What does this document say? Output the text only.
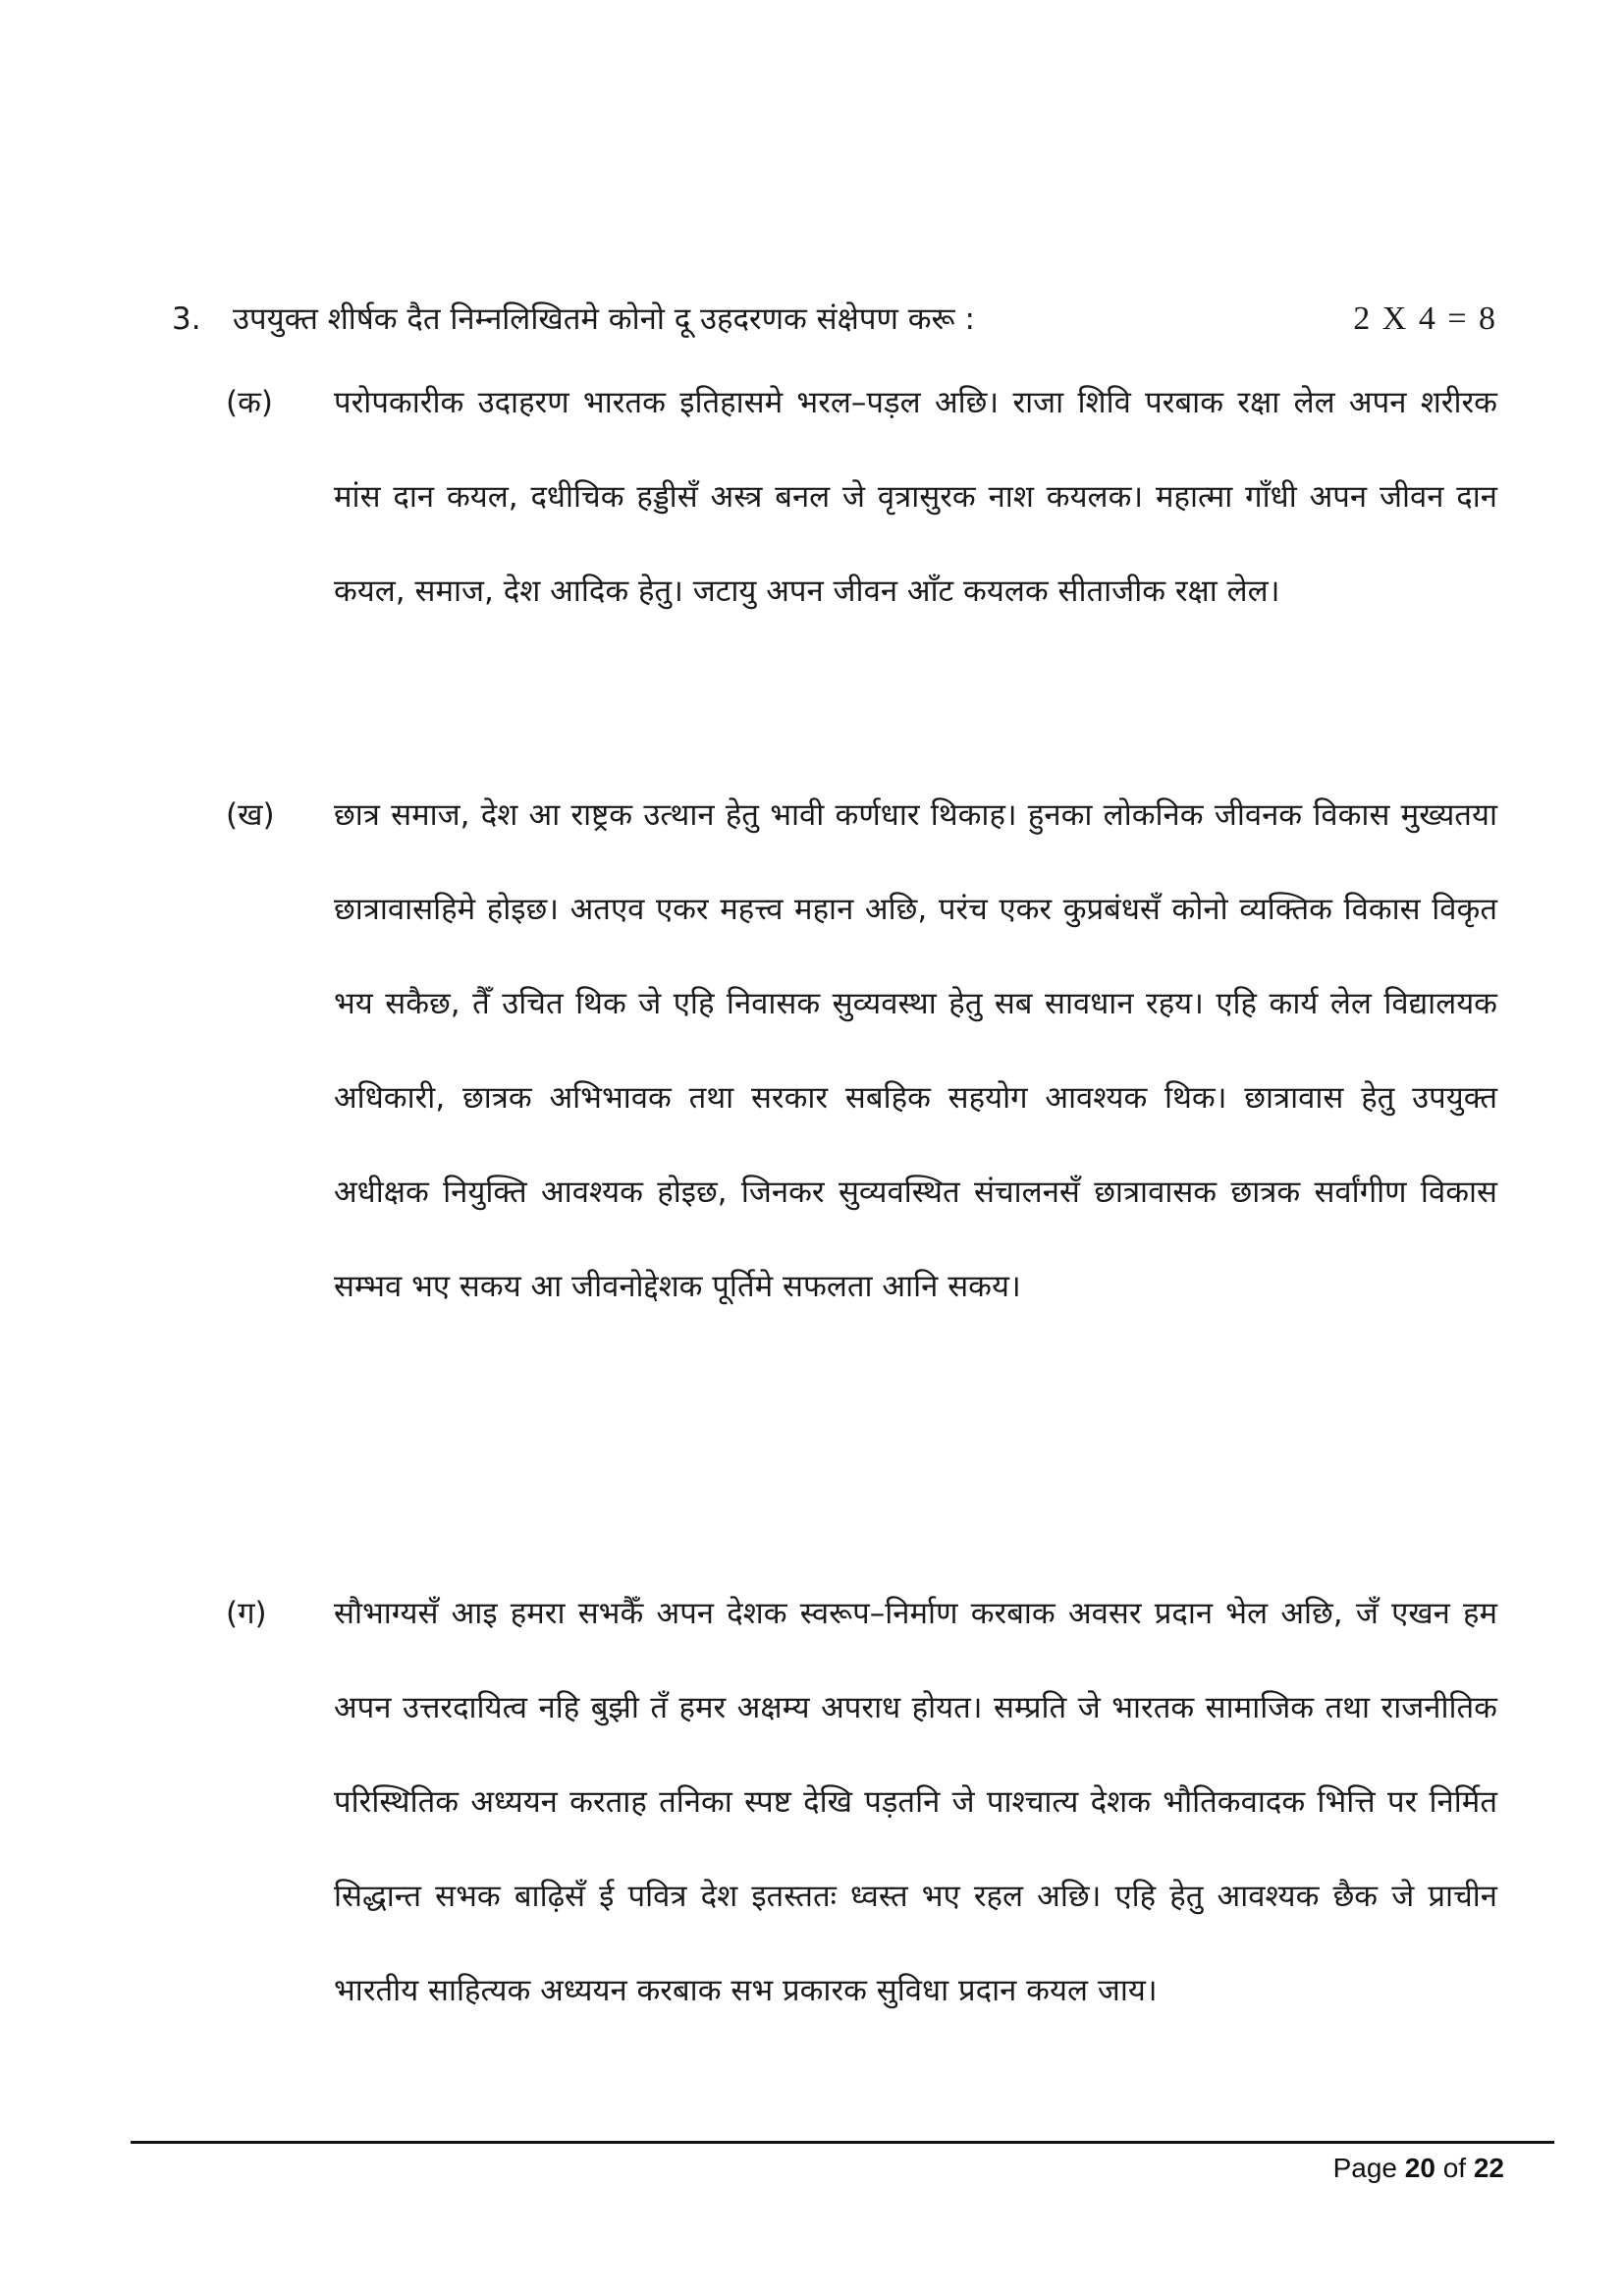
3. उपयुक्त शीर्षक दैत निम्नलिखितमे कोनो दू उहदरणक संक्षेपण करू :	2 X 4 = 8
(क) परोपकारीक उदाहरण भारतक इतिहासमे भरल–पड़ल अछि। राजा शिवि परबाक रक्षा लेल अपन शरीरक मांस दान कयल, दधीचिक हड्डीसँ अस्त्र बनल जे वृत्रासुरक नाश कयलक। महात्मा गाँधी अपन जीवन दान कयल, समाज, देश आदिक हेतु। जटायु अपन जीवन आँट कयलक सीताजीक रक्षा लेल।

(ख) छात्र समाज, देश आ राष्ट्रक उत्थान हेतु भावी कर्णधार थिकाह। हुनका लोकनिक जीवनक विकास मुख्यतया छात्रावासहिमे होइछ। अतएव एकर महत्त्व महान अछि, परंच एकर कुप्रबंधसँ कोनो व्यक्तिक विकास विकृत भय सकैछ, तैँ उचित थिक जे एहि निवासक सुव्यवस्था हेतु सब सावधान रहय। एहि कार्य लेल विद्यालयक अधिकारी, छात्रक अभिभावक तथा सरकार सबहिक सहयोग आवश्यक थिक। छात्रावास हेतु उपयुक्त अधीक्षक नियुक्ति आवश्यक होइछ, जिनकर सुव्यवस्थित संचालनसँ छात्रावासक छात्रक सर्वांगीण विकास सम्भव भए सकय आ जीवनोद्देशक पूर्तिमे सफलता आनि सकय।

(ग) सौभाग्यसँ आइ हमरा सभकैँ अपन देशक स्वरूप–निर्माण करबाक अवसर प्रदान भेल अछि, जँ एखन हम अपन उत्तरदायित्व नहि बुझी तँ हमर अक्षम्य अपराध होयत। सम्प्रति जे भारतक सामाजिक तथा राजनीतिक परिस्थितिक अध्ययन करताह तनिका स्पष्ट देखि पड़तनि जे पाश्चात्य देशक भौतिकवादक भित्ति पर निर्मित सिद्धान्त सभक बाढ़िसँ ई पवित्र देश इतस्ततः ध्वस्त भए रहल अछि। एहि हेतु आवश्यक छैक जे प्राचीन भारतीय साहित्यक अध्ययन करबाक सभ प्रकारक सुविधा प्रदान कयल जाय।

Page 20 of 22
